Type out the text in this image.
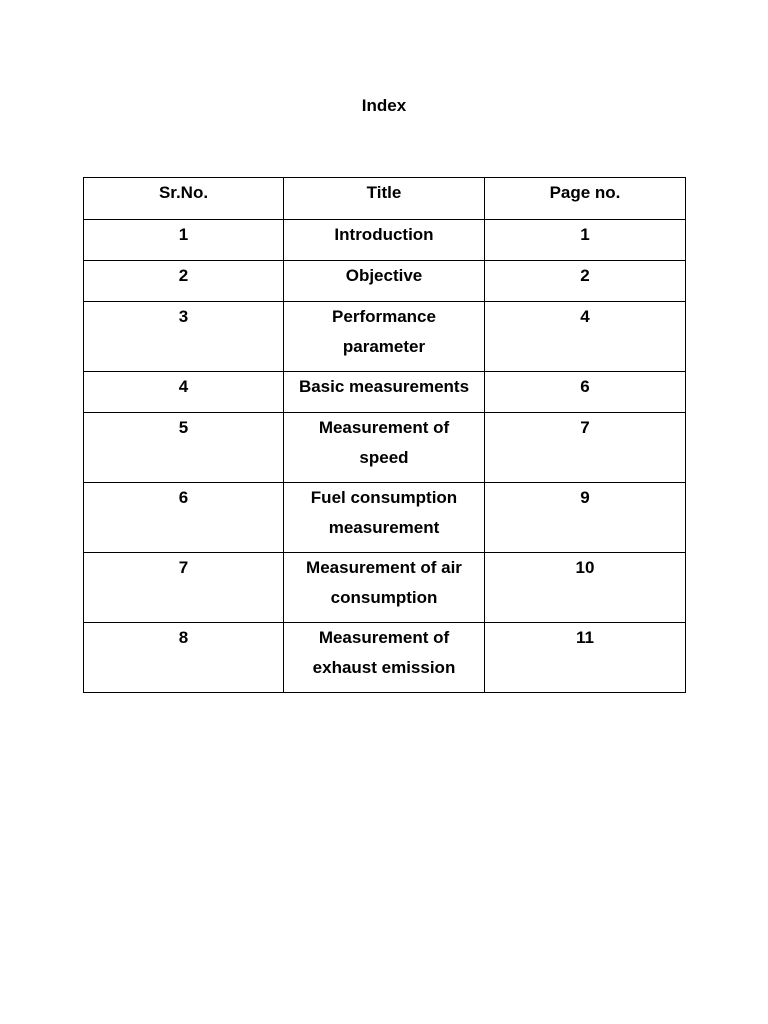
Index
Sr.No.	Title	Page no.
1	Introduction	1
2	Objective	2
3	Performance parameter	4
4	Basic measurements	6
5	Measurement of speed	7
6	Fuel consumption measurement	9
7	Measurement of air consumption	10
8	Measurement of exhaust emission	11
